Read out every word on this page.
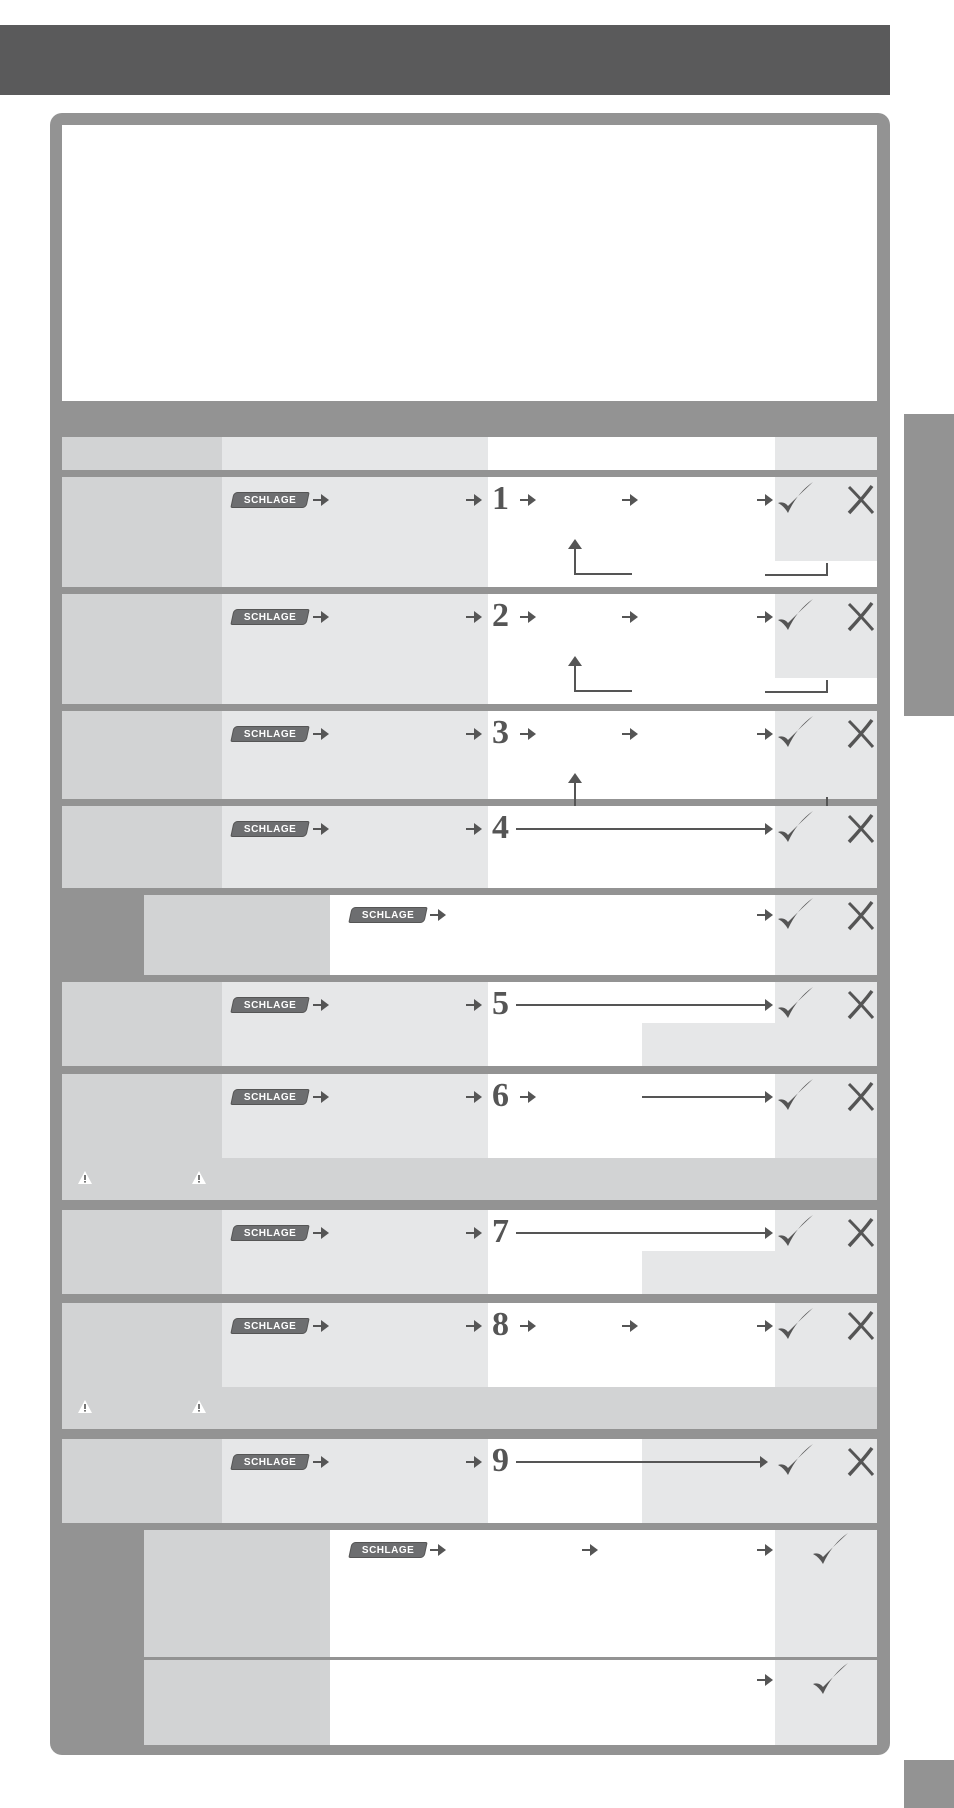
SCHLAGE	1
SCHLAGE	2
SCHLAGE	3
SCHLAGE	4
SCHLAGE	5
SCHLAGE	6
SCHLAGE	7
SCHLAGE	8
SCHLAGE	9
SCHLAGE
SCHLAGE
